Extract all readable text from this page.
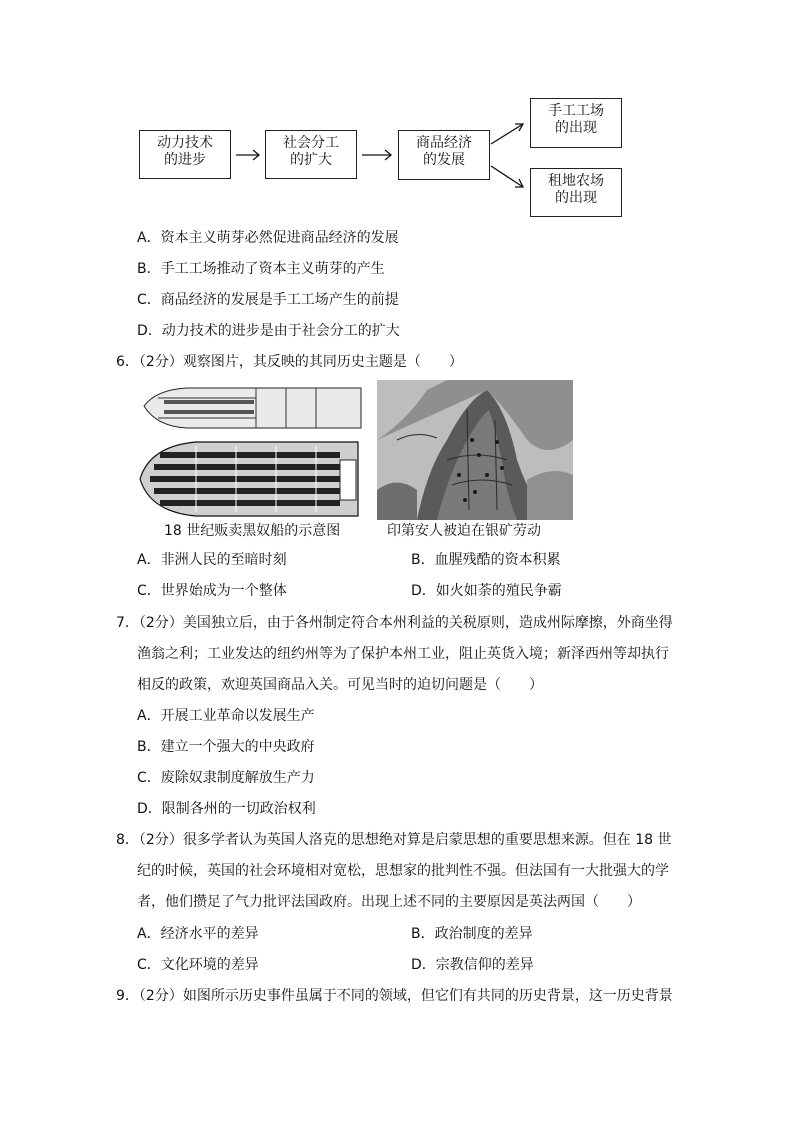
动力技术
的进步
社会分工
的扩大
商品经济
的发展
手工工场
的出现
租地农场
的出现
A．资本主义萌芽必然促进商品经济的发展
B．手工工场推动了资本主义萌芽的产生
C．商品经济的发展是手工工场产生的前提
D．动力技术的进步是由于社会分工的扩大
6．（2分）观察图片，其反映的其同历史主题是（　　）
18 世纪贩卖黑奴船的示意图	印第安人被迫在银矿劳动
A．非洲人民的至暗时刻	B．血腥残酷的资本积累
C．世界始成为一个整体	D．如火如荼的殖民争霸
7．（2分）美国独立后，由于各州制定符合本州利益的关税原则，造成州际摩擦，外商坐得
渔翁之利；工业发达的纽约州等为了保护本州工业，阻止英货入境；新泽西州等却执行
相反的政策，欢迎英国商品入关。可见当时的迫切问题是（　　）
A．开展工业革命以发展生产
B．建立一个强大的中央政府
C．废除奴隶制度解放生产力
D．限制各州的一切政治权利
8．（2分）很多学者认为英国人洛克的思想绝对算是启蒙思想的重要思想来源。但在 18 世
纪的时候，英国的社会环境相对宽松，思想家的批判性不强。但法国有一大批强大的学
者，他们攒足了气力批评法国政府。出现上述不同的主要原因是英法两国（　　）
A．经济水平的差异	B．政治制度的差异
C．文化环境的差异	D．宗教信仰的差异
9．（2分）如图所示历史事件虽属于不同的领域，但它们有共同的历史背景，这一历史背景
